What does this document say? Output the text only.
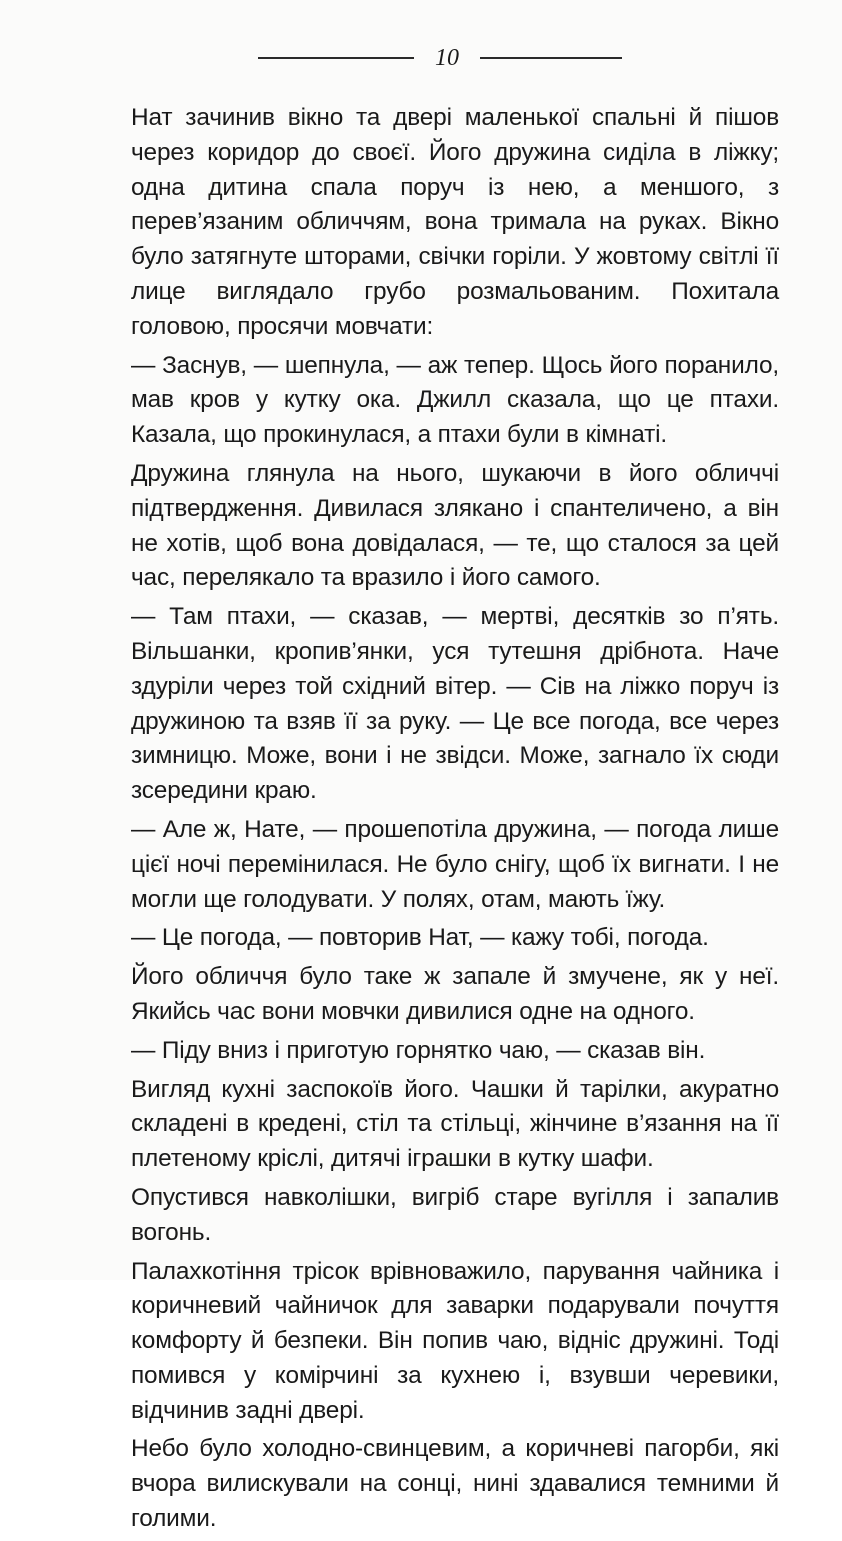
10

Нат зачинив вікно та двері маленької спальні й пішов через коридор до своєї. Його дружина сиділа в ліжку; одна дитина спала поруч із нею, а меншого, з перев’язаним обличчям, вона тримала на руках. Вікно було затягнуте шторами, свічки горіли. У жовтому світлі її лице виглядало грубо розмальованим. Похитала головою, просячи мовчати:

— Заснув, — шепнула, — аж тепер. Щось його поранило, мав кров у кутку ока. Джилл сказала, що це птахи. Казала, що прокинулася, а птахи були в кімнаті.

Дружина глянула на нього, шукаючи в його обличчі підтвердження. Дивилася злякано і спантеличено, а він не хотів, щоб вона довідалася, — те, що сталося за цей час, перелякало та вразило і його самого.

— Там птахи, — сказав, — мертві, десятків зо п’ять. Вільшанки, кропив’янки, уся тутешня дрібнота. Наче здуріли через той східний вітер. — Сів на ліжко поруч із дружиною та взяв її за руку. — Це все погода, все через зимницю. Може, вони і не звідси. Може, загнало їх сюди зсередини краю.

— Але ж, Нате, — прошепотіла дружина, — погода лише цієї ночі перемінилася. Не було снігу, щоб їх вигнати. І не могли ще голодувати. У полях, отам, мають їжу.

— Це погода, — повторив Нат, — кажу тобі, погода.

Його обличчя було таке ж запале й змучене, як у неї. Якийсь час вони мовчки дивилися одне на одного.

— Піду вниз і приготую горнятко чаю, — сказав він.

Вигляд кухні заспокоїв його. Чашки й тарілки, акуратно складені в кредені, стіл та стільці, жінчине в’язання на її плетеному кріслі, дитячі іграшки в кутку шафи.

Опустився навколішки, вигріб старе вугілля і запалив вогонь.

Палахкотіння трісок врівноважило, парування чайника і коричневий чайничок для заварки подарували почуття комфорту й безпеки. Він попив чаю, відніс дружині. Тоді помився у комірчині за кухнею і, взувши черевики, відчинив задні двері.

Небо було холодно-свинцевим, а коричневі пагорби, які вчора вилискували на сонці, нині здавалися темними й голими.
